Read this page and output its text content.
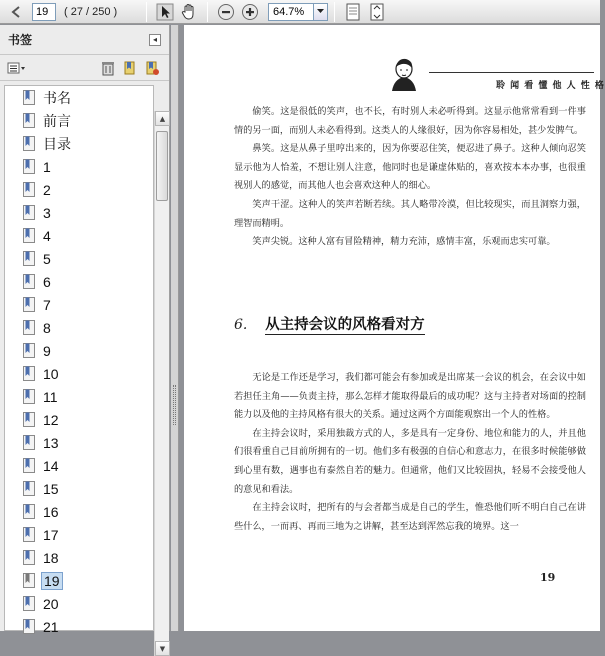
19	( 27 / 250 )	64.7%
书签	◂
书名
前言
目录
1
2
3
4
5
6
7
8
9
10
11
12
13
14
15
16
17
18
19
20
21
▲
▼
聆 闻 看 懂 他 人 性 格

偷笑。这是很低的笑声，也不长，有时别人未必听得到。这显示他常常看到一件事情的另一面，而别人未必看得到。这类人的人缘很好，因为你容易相处，甚少发脾气。

鼻笑。这是从鼻子里哼出来的，因为你要忍住笑，便忍进了鼻子。这种人倾向忍笑显示他为人恰羞，不想让别人注意，他同时也是谦虚体贴的，喜欢按本本办事，也很重视别人的感觉，而其他人也会喜欢这种人的细心。

笑声干涩。这种人的笑声若断若续。其人略带冷漠，但比较现实，而且洞察力强，理智而精明。

笑声尖锐。这种人富有冒险精神，精力充沛，感情丰富，乐观而忠实可靠。

6. 从主持会议的风格看对方

无论是工作还是学习，我们都可能会有参加或是出席某一会议的机会，在会议中如若担任主角——负责主持，那么怎样才能取得最后的成功呢？这与主持者对场面的控制能力以及他的主持风格有很大的关系。通过这两个方面能观察出一个人的性格。

在主持会议时，采用独裁方式的人，多是具有一定身份、地位和能力的人，并且他们很看重自己目前所拥有的一切。他们多有极强的自信心和意志力，在很多时候能够做到心里有数，遇事也有泰然自若的魅力。但通常，他们又比较固执，轻易不会接受他人的意见和看法。

在主持会议时，把所有的与会者都当成是自己的学生，惟恐他们听不明白自己在讲些什么，一而再、再而三地为之讲解，甚至达到浑然忘我的境界。这一

19
